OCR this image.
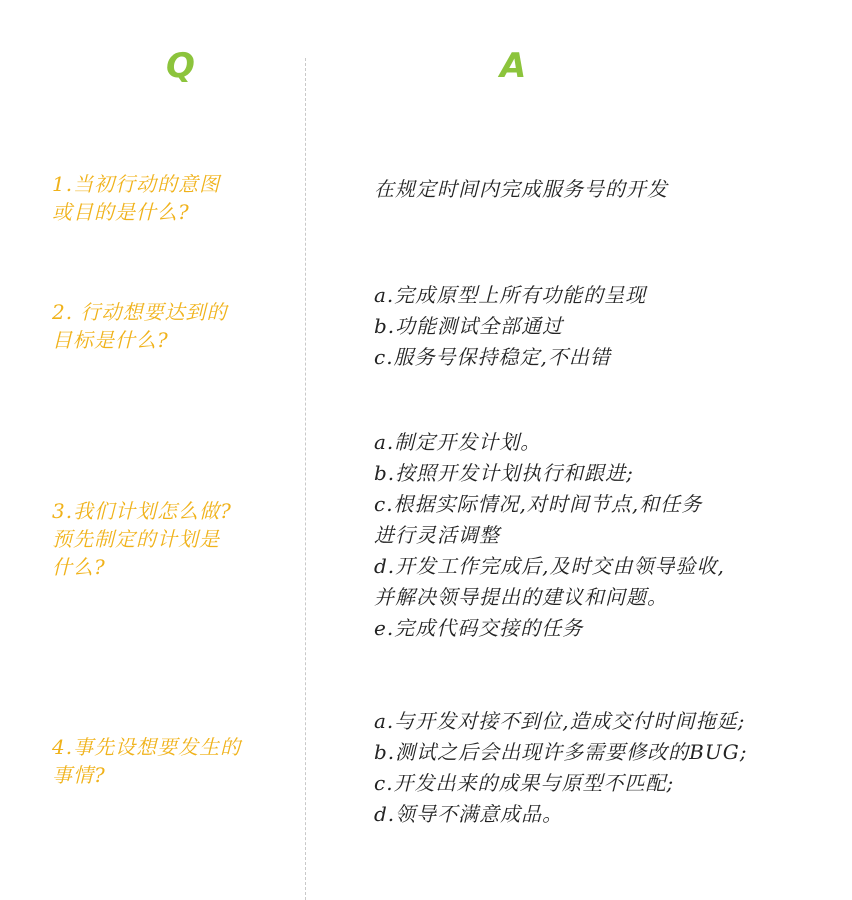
Q	A
1.当初行动的意图
或目的是什么?
在规定时间内完成服务号的开发
2. 行动想要达到的
目标是什么?
a.完成原型上所有功能的呈现
b.功能测试全部通过
c.服务号保持稳定,不出错
3.我们计划怎么做?
预先制定的计划是
什么?
a.制定开发计划。
b.按照开发计划执行和跟进;
c.根据实际情况,对时间节点,和任务
进行灵活调整
d.开发工作完成后,及时交由领导验收,
并解决领导提出的建议和问题。
e.完成代码交接的任务
4.事先设想要发生的
事情?
a.与开发对接不到位,造成交付时间拖延;
b.测试之后会出现许多需要修改的BUG;
c.开发出来的成果与原型不匹配;
d.领导不满意成品。
